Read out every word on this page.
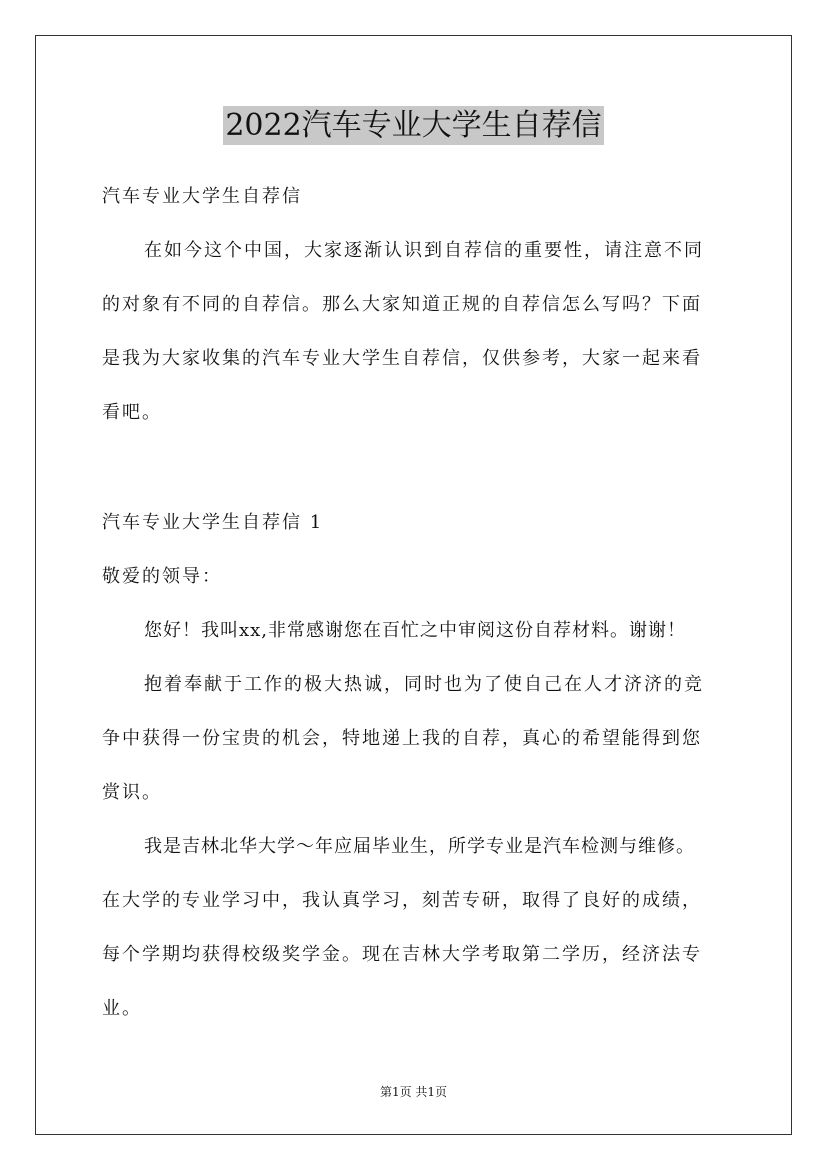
2022汽车专业大学生自荐信
汽车专业大学生自荐信
在如今这个中国，大家逐渐认识到自荐信的重要性，请注意不同
的对象有不同的自荐信。那么大家知道正规的自荐信怎么写吗？下面
是我为大家收集的汽车专业大学生自荐信，仅供参考，大家一起来看
看吧。
汽车专业大学生自荐信 1
敬爱的领导：
您好！我叫xx,非常感谢您在百忙之中审阅这份自荐材料。谢谢！
抱着奉献于工作的极大热诚，同时也为了使自己在人才济济的竞
争中获得一份宝贵的机会，特地递上我的自荐，真心的希望能得到您
赏识。
我是吉林北华大学～年应届毕业生，所学专业是汽车检测与维修。
在大学的专业学习中，我认真学习，刻苦专研，取得了良好的成绩，
每个学期均获得校级奖学金。现在吉林大学考取第二学历，经济法专
业。
第1页 共1页
